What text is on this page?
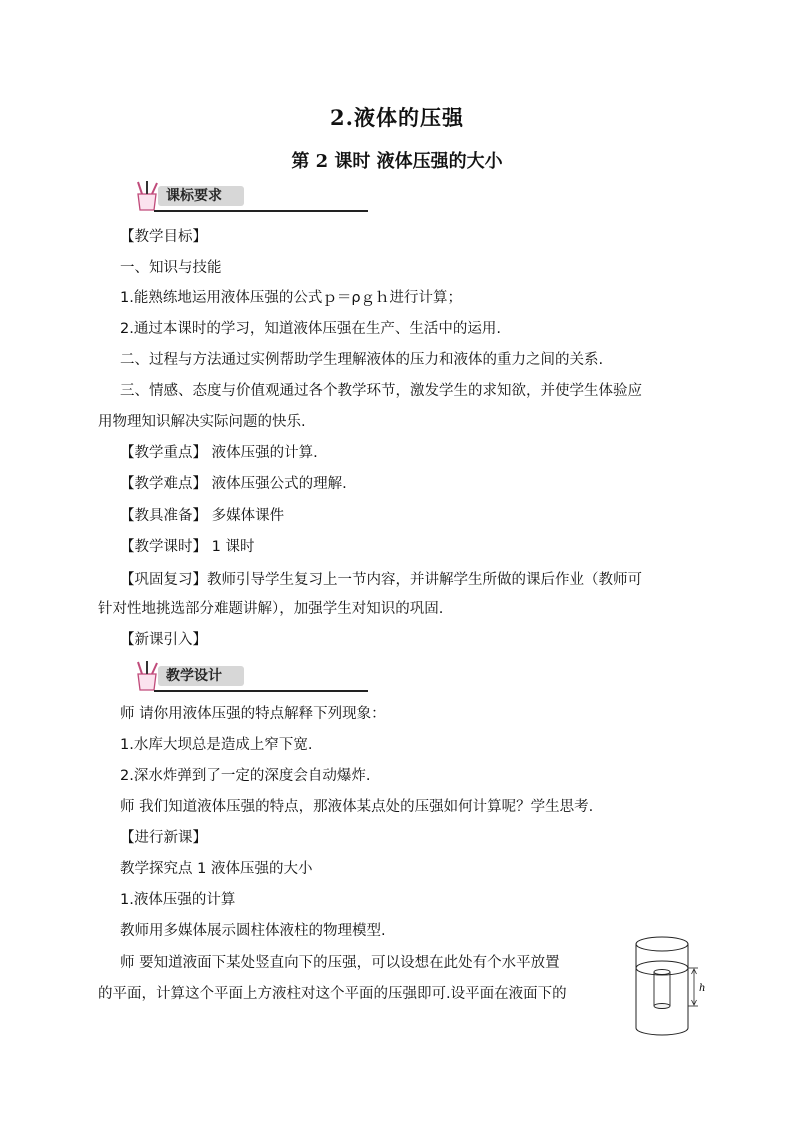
2.液体的压强
第 2 课时 液体压强的大小
课标要求
【教学目标】
一、知识与技能
1.能熟练地运用液体压强的公式ｐ＝ρｇｈ进行计算；
2.通过本课时的学习，知道液体压强在生产、生活中的运用.
二、过程与方法通过实例帮助学生理解液体的压力和液体的重力之间的关系.
三、情感、态度与价值观通过各个教学环节，激发学生的求知欲，并使学生体验应
用物理知识解决实际问题的快乐.
【教学重点】 液体压强的计算.
【教学难点】 液体压强公式的理解.
【教具准备】 多媒体课件
【教学课时】 1 课时
【巩固复习】教师引导学生复习上一节内容，并讲解学生所做的课后作业（教师可
针对性地挑选部分难题讲解），加强学生对知识的巩固.
【新课引入】
教学设计
师 请你用液体压强的特点解释下列现象：
1.水库大坝总是造成上窄下宽.
2.深水炸弹到了一定的深度会自动爆炸.
师 我们知道液体压强的特点，那液体某点处的压强如何计算呢？学生思考.
【进行新课】
教学探究点 1 液体压强的大小
1.液体压强的计算
教师用多媒体展示圆柱体液柱的物理模型.
师 要知道液面下某处竖直向下的压强，可以设想在此处有个水平放置
的平面，计算这个平面上方液柱对这个平面的压强即可.设平面在液面下的	h
